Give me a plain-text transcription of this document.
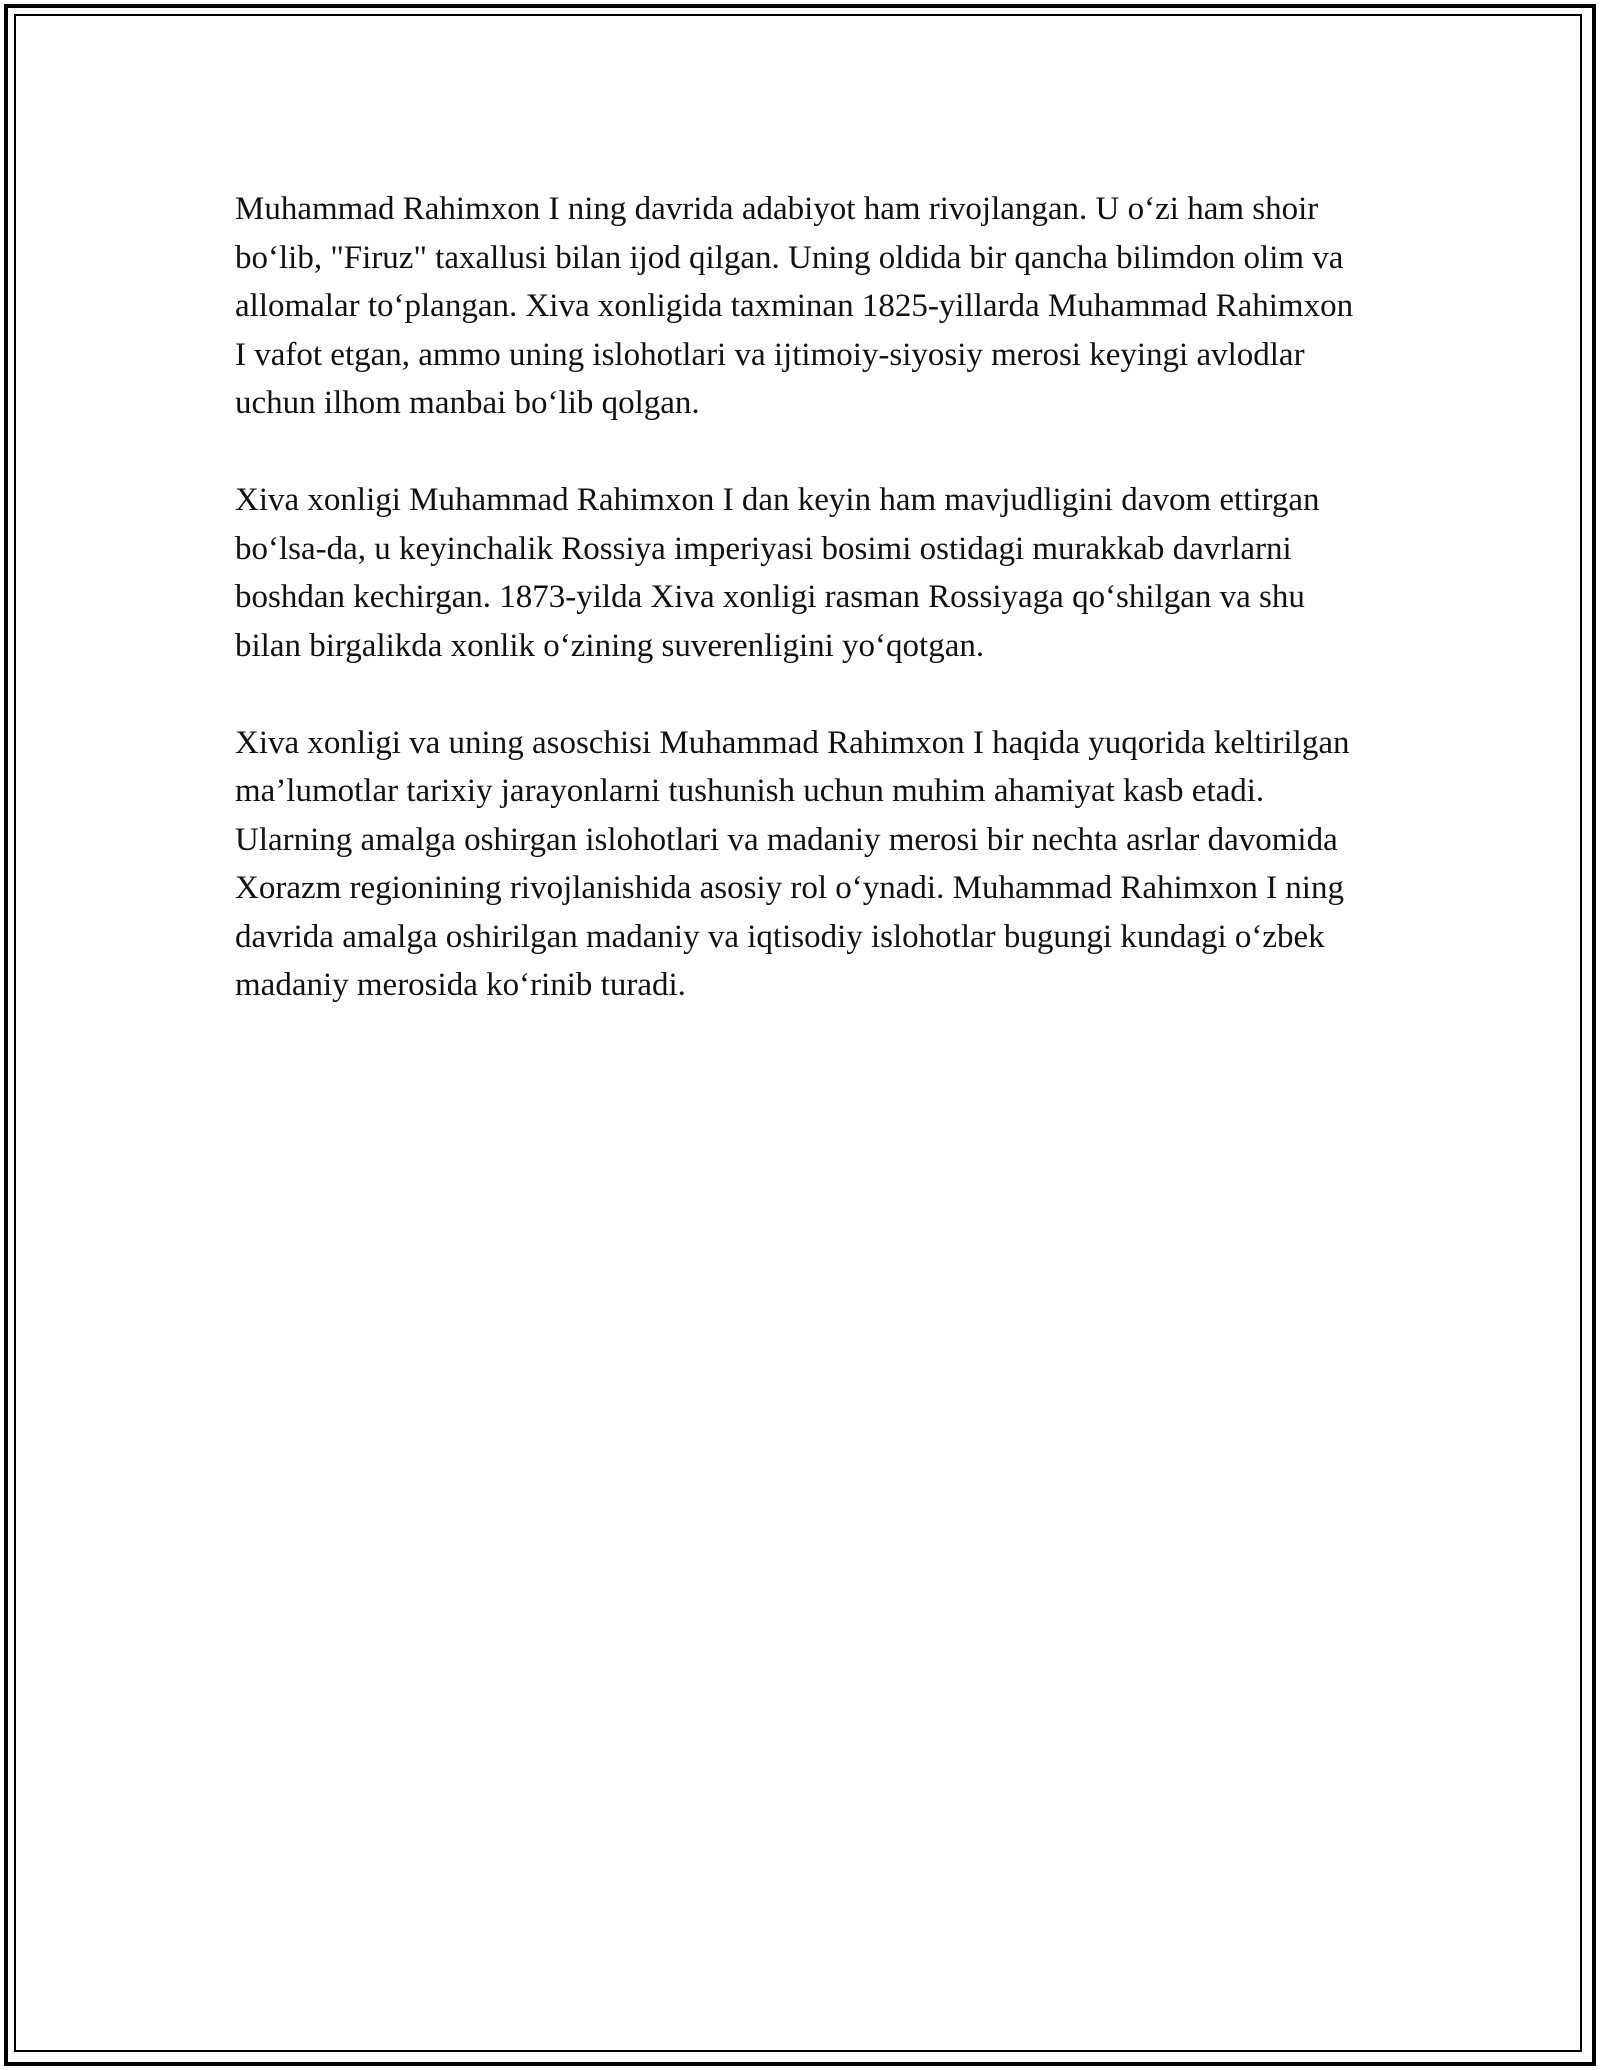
Muhammad Rahimxon I ning davrida adabiyot ham rivojlangan. U o‘zi ham shoir bo‘lib, "Firuz" taxallusi bilan ijod qilgan. Uning oldida bir qancha bilimdon olim va allomalar to‘plangan. Xiva xonligida taxminan 1825-yillarda Muhammad Rahimxon I vafot etgan, ammo uning islohotlari va ijtimoiy-siyosiy merosi keyingi avlodlar uchun ilhom manbai bo‘lib qolgan.

Xiva xonligi Muhammad Rahimxon I dan keyin ham mavjudligini davom ettirgan bo‘lsa-da, u keyinchalik Rossiya imperiyasi bosimi ostidagi murakkab davrlarni boshdan kechirgan. 1873-yilda Xiva xonligi rasman Rossiyaga qo‘shilgan va shu bilan birgalikda xonlik o‘zining suverenligini yo‘qotgan.

Xiva xonligi va uning asoschisi Muhammad Rahimxon I haqida yuqorida keltirilgan ma’lumotlar tarixiy jarayonlarni tushunish uchun muhim ahamiyat kasb etadi. Ularning amalga oshirgan islohotlari va madaniy merosi bir nechta asrlar davomida Xorazm regionining rivojlanishida asosiy rol o‘ynadi. Muhammad Rahimxon I ning davrida amalga oshirilgan madaniy va iqtisodiy islohotlar bugungi kundagi o‘zbek madaniy merosida ko‘rinib turadi.
